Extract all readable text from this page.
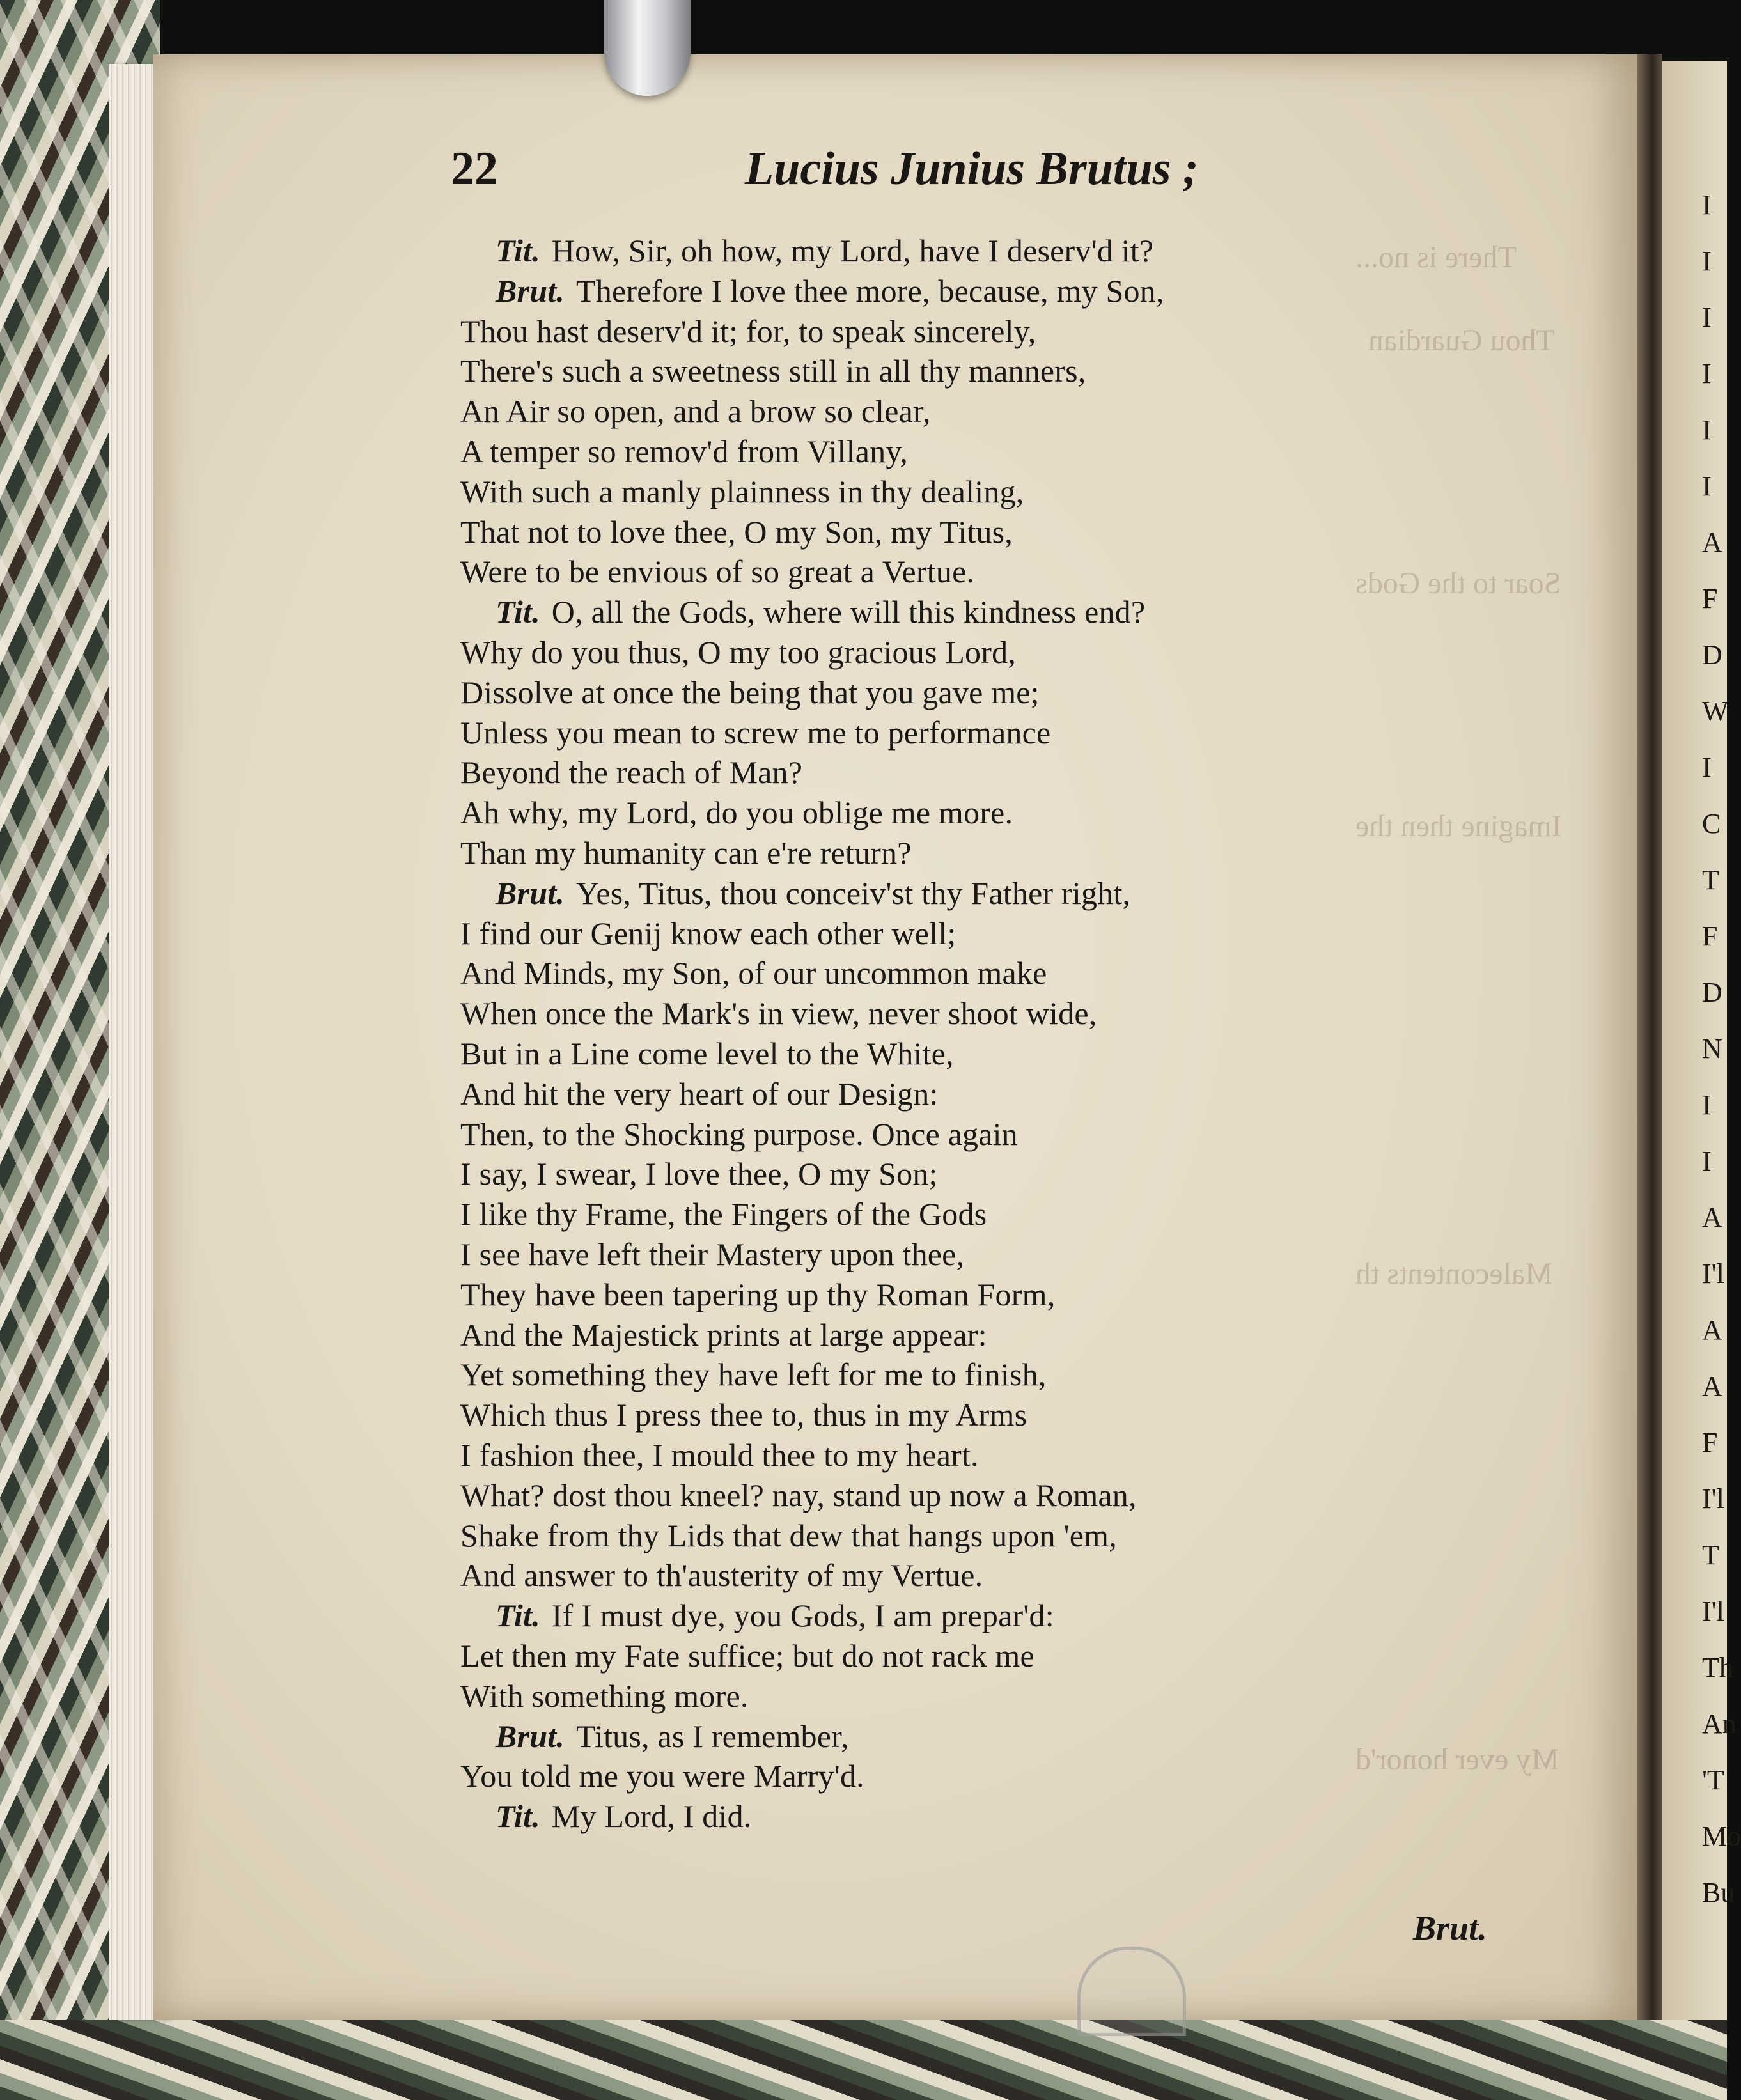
There is no...
Thou Guardian
Soar to the Gods
Imagine then the
Malecontents th
My ever honor'd
I
I
I
I
I
I
A
F
D
W
I
C
T
F
D
N
I
I
A
I'l
A
A
F
I'l
T
I'l
Th
An
'T
Mo
Bu
22	Lucius Junius Brutus ;
Tit. How, Sir, oh how, my Lord, have I deserv'd it?
Brut. Therefore I love thee more, because, my Son,
Thou hast deserv'd it; for, to speak sincerely,
There's such a sweetness still in all thy manners,
An Air so open, and a brow so clear,
A temper so remov'd from Villany,
With such a manly plainness in thy dealing,
That not to love thee, O my Son, my Titus,
Were to be envious of so great a Vertue.
Tit. O, all the Gods, where will this kindness end?
Why do you thus, O my too gracious Lord,
Dissolve at once the being that you gave me;
Unless you mean to screw me to performance
Beyond the reach of Man?
Ah why, my Lord, do you oblige me more.
Than my humanity can e're return?
Brut. Yes, Titus, thou conceiv'st thy Father right,
I find our Genij know each other well;
And Minds, my Son, of our uncommon make
When once the Mark's in view, never shoot wide,
But in a Line come level to the White,
And hit the very heart of our Design:
Then, to the Shocking purpose. Once again
I say, I swear, I love thee, O my Son;
I like thy Frame, the Fingers of the Gods
I see have left their Mastery upon thee,
They have been tapering up thy Roman Form,
And the Majestick prints at large appear:
Yet something they have left for me to finish,
Which thus I press thee to, thus in my Arms
I fashion thee, I mould thee to my heart.
What? dost thou kneel? nay, stand up now a Roman,
Shake from thy Lids that dew that hangs upon 'em,
And answer to th'austerity of my Vertue.
Tit. If I must dye, you Gods, I am prepar'd:
Let then my Fate suffice; but do not rack me
With something more.
Brut. Titus, as I remember,
You told me you were Marry'd.
Tit. My Lord, I did.
Brut.
